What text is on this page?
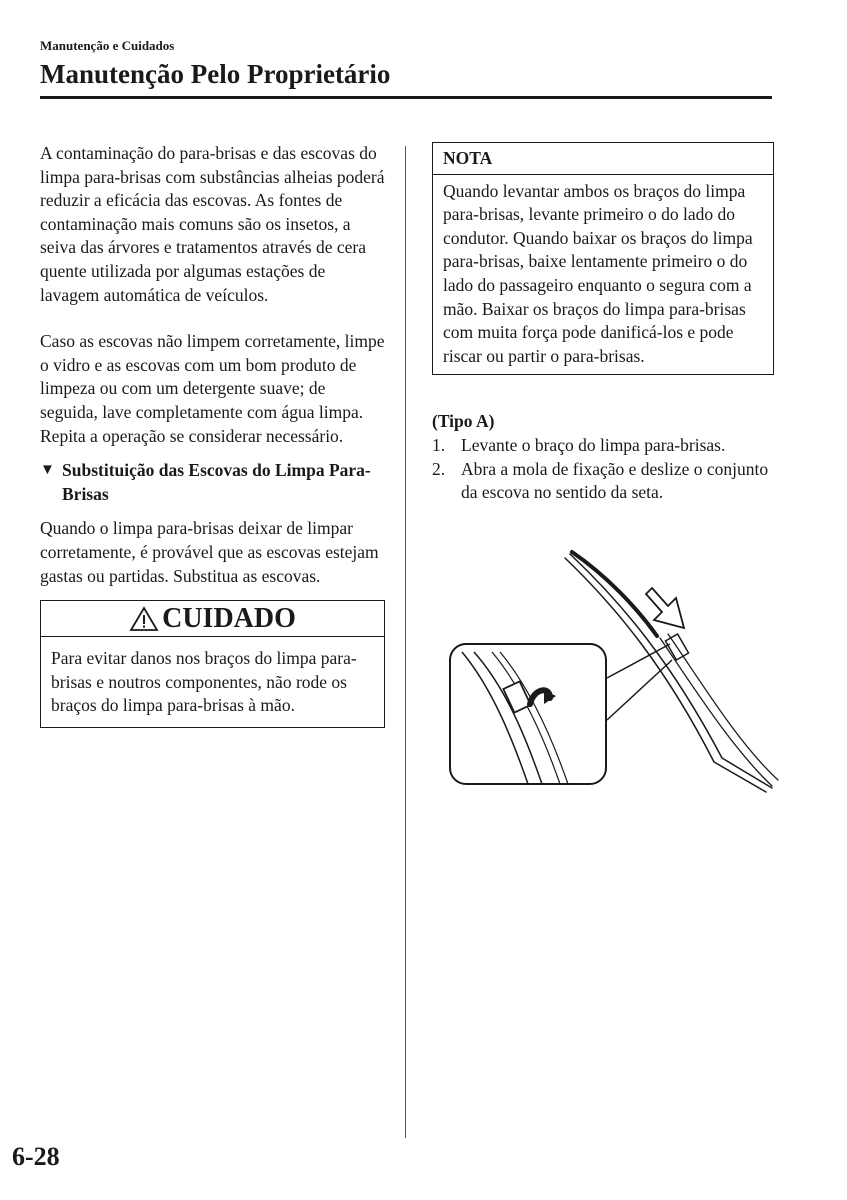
Manutenção e Cuidados
Manutenção Pelo Proprietário

A contaminação do para-brisas e das escovas do limpa para-brisas com substâncias alheias poderá reduzir a eficácia das escovas. As fontes de contaminação mais comuns são os insetos, a seiva das árvores e tratamentos através de cera quente utilizada por algumas estações de lavagem automática de veículos.

Caso as escovas não limpem corretamente, limpe o vidro e as escovas com um bom produto de limpeza ou com um detergente suave; de seguida, lave completamente com água limpa. Repita a operação se considerar necessário.

▼ Substituição das Escovas do Limpa Para-Brisas

Quando o limpa para-brisas deixar de limpar corretamente, é provável que as escovas estejam gastas ou partidas. Substitua as escovas.

CUIDADO
Para evitar danos nos braços do limpa para-brisas e noutros componentes, não rode os braços do limpa para-brisas à mão.
NOTA
Quando levantar ambos os braços do limpa para-brisas, levante primeiro o do lado do condutor. Quando baixar os braços do limpa para-brisas, baixe lentamente primeiro o do lado do passageiro enquanto o segura com a mão. Baixar os braços do limpa para-brisas com muita força pode danificá-los e pode riscar ou partir o para-brisas.
(Tipo A)
1. Levante o braço do limpa para-brisas.
2. Abra a mola de fixação e deslize o conjunto da escova no sentido da seta.
6-28
